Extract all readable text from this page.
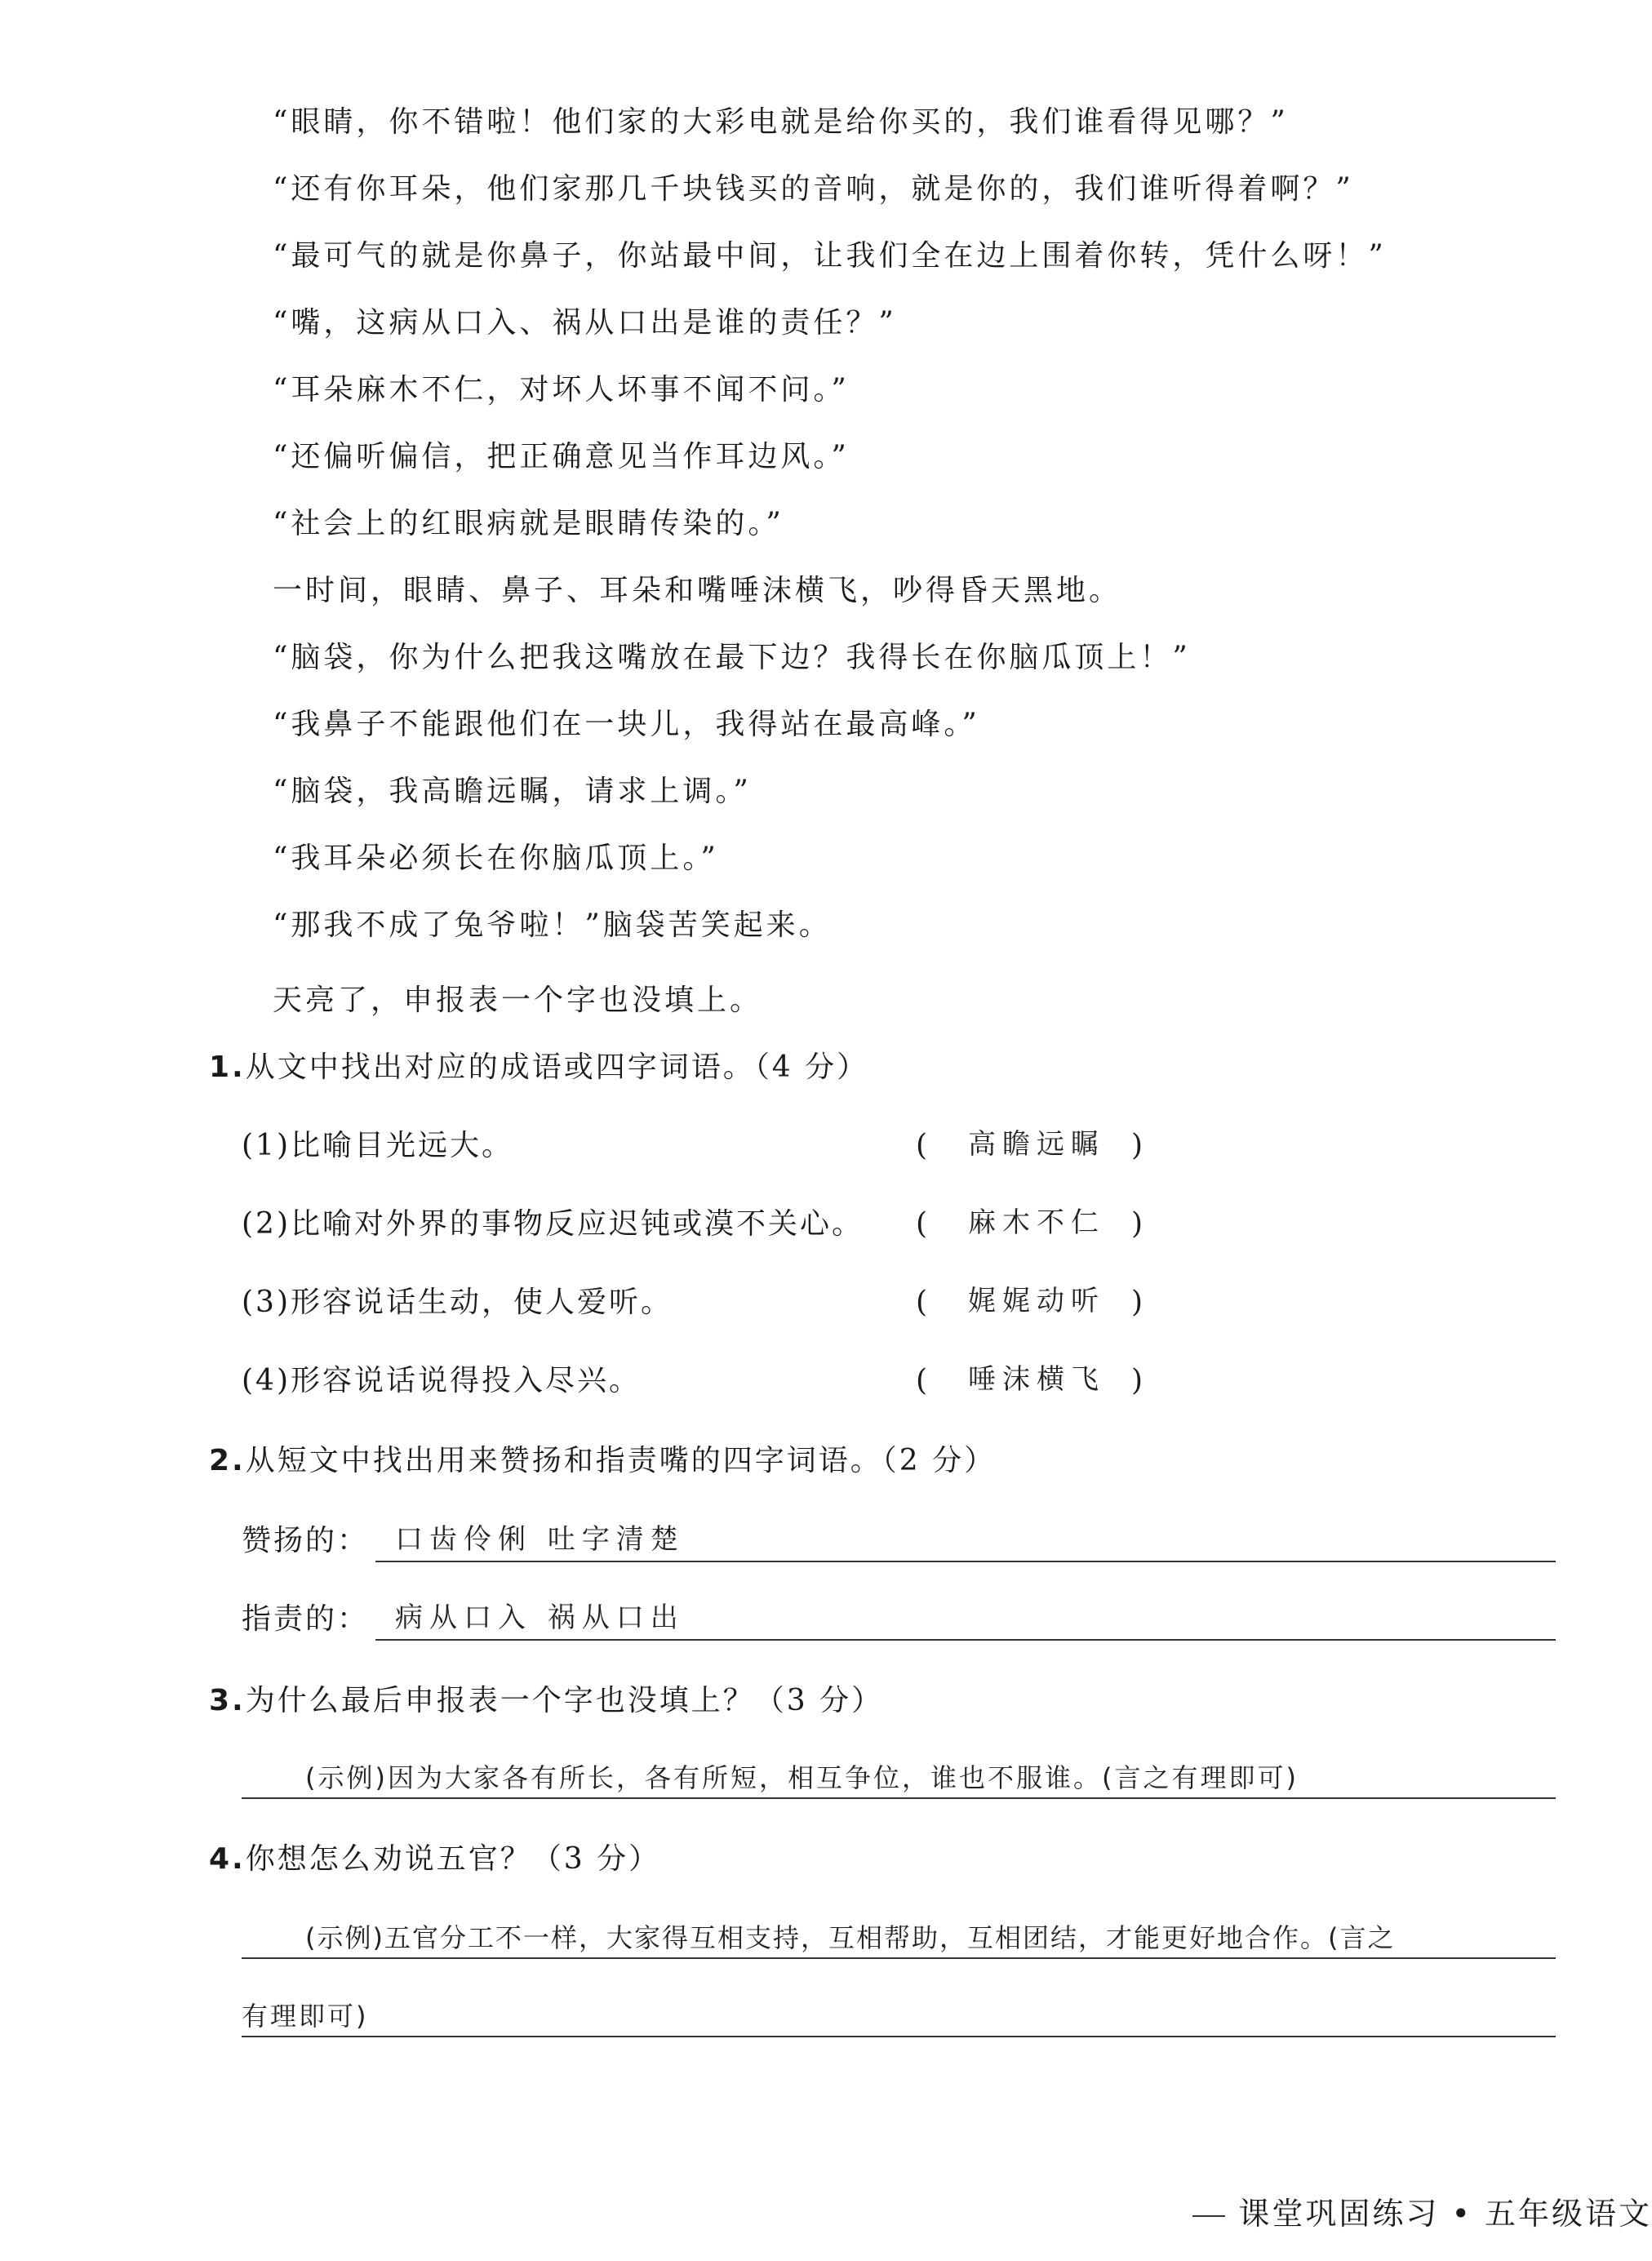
“眼睛，你不错啦！他们家的大彩电就是给你买的，我们谁看得见哪？”
“还有你耳朵，他们家那几千块钱买的音响，就是你的，我们谁听得着啊？”
“最可气的就是你鼻子，你站最中间，让我们全在边上围着你转，凭什么呀！”
“嘴，这病从口入、祸从口出是谁的责任？”
“耳朵麻木不仁，对坏人坏事不闻不问。”
“还偏听偏信，把正确意见当作耳边风。”
“社会上的红眼病就是眼睛传染的。”
一时间，眼睛、鼻子、耳朵和嘴唾沫横飞，吵得昏天黑地。
“脑袋，你为什么把我这嘴放在最下边？我得长在你脑瓜顶上！”
“我鼻子不能跟他们在一块儿，我得站在最高峰。”
“脑袋，我高瞻远瞩，请求上调。”
“我耳朵必须长在你脑瓜顶上。”
“那我不成了兔爷啦！”脑袋苦笑起来。
天亮了，申报表一个字也没填上。
1.从文中找出对应的成语或四字词语。（4 分）
(1)比喻目光远大。	( 高瞻远瞩 )
(2)比喻对外界的事物反应迟钝或漠不关心。 ( 麻木不仁 )
(3)形容说话生动，使人爱听。	( 娓娓动听 )
(4)形容说话说得投入尽兴。	( 唾沫横飞 )
2.从短文中找出用来赞扬和指责嘴的四字词语。（2 分）
赞扬的： 口齿伶俐 吐字清楚
指责的： 病从口入 祸从口出
3.为什么最后申报表一个字也没填上？（3 分）
(示例)因为大家各有所长，各有所短，相互争位，谁也不服谁。(言之有理即可)
4.你想怎么劝说五官？（3 分）
(示例)五官分工不一样，大家得互相支持，互相帮助，互相团结，才能更好地合作。(言之
有理即可)
课堂巩固练习 • 五年级语文
